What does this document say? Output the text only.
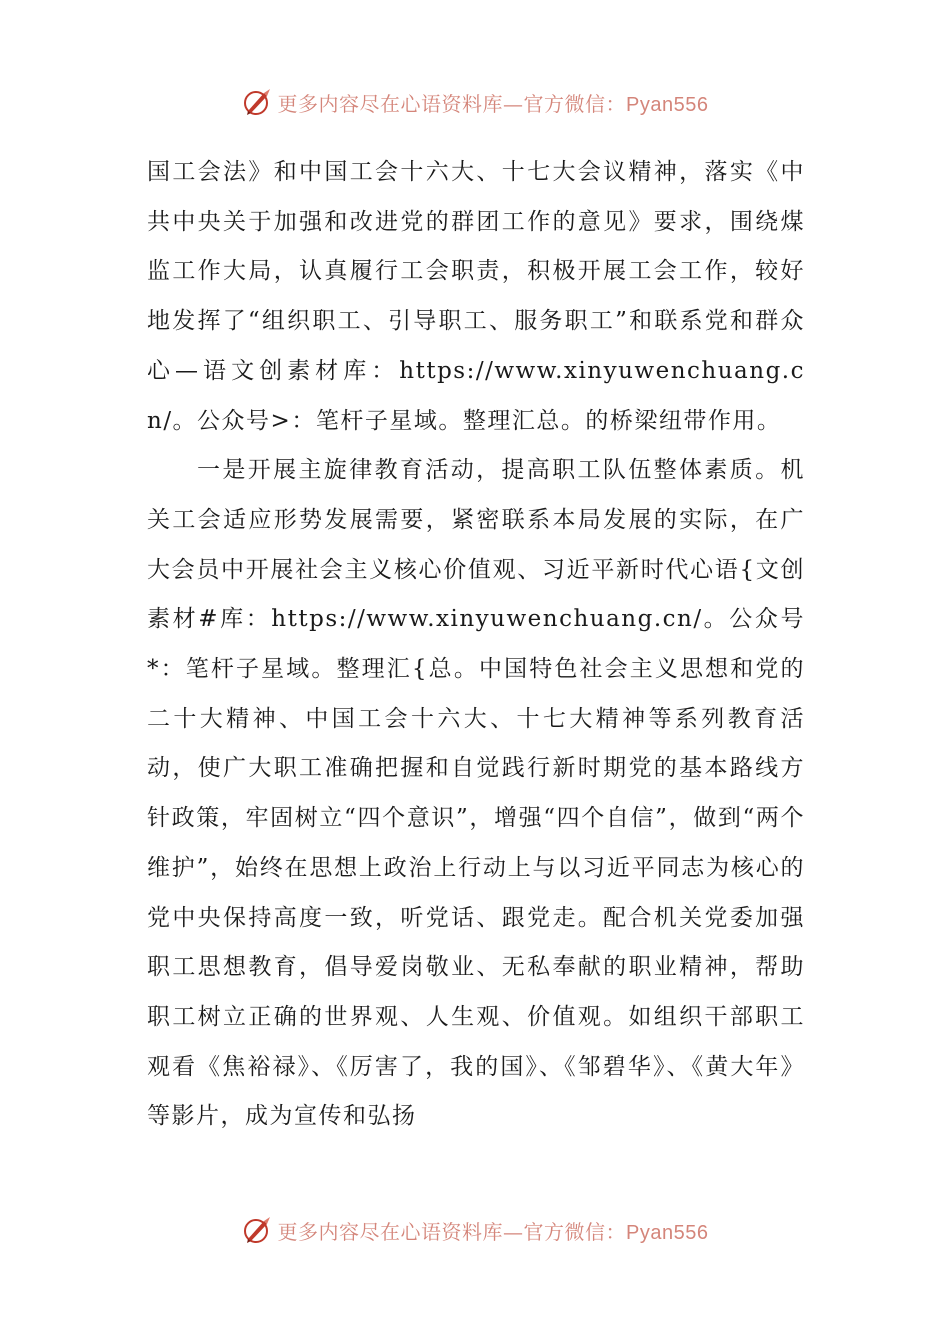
更多内容尽在心语资料库—官方微信：Pyan556

国工会法》和中国工会十六大、十七大会议精神，落实《中共中央关于加强和改进党的群团工作的意见》要求，围绕煤监工作大局，认真履行工会职责，积极开展工会工作，较好地发挥了“组织职工、引导职工、服务职工”和联系党和群众心—语文创素材库：https://www.xinyuwenchuang.cn/。公众号>：笔杆子星域。整理汇总。的桥梁纽带作用。

一是开展主旋律教育活动，提高职工队伍整体素质。机关工会适应形势发展需要，紧密联系本局发展的实际，在广大会员中开展社会主义核心价值观、习近平新时代心语{文创素材#库：https://www.xinyuwenchuang.cn/。公众号*：笔杆子星域。整理汇{总。中国特色社会主义思想和党的二十大精神、中国工会十六大、十七大精神等系列教育活动，使广大职工准确把握和自觉践行新时期党的基本路线方针政策，牢固树立“四个意识”，增强“四个自信”，做到“两个维护”，始终在思想上政治上行动上与以习近平同志为核心的党中央保持高度一致，听党话、跟党走。配合机关党委加强职工思想教育，倡导爱岗敬业、无私奉献的职业精神，帮助职工树立正确的世界观、人生观、价值观。如组织干部职工观看《焦裕禄》、《厉害了，我的国》、《邹碧华》、《黄大年》等影片，成为宣传和弘扬

更多内容尽在心语资料库—官方微信：Pyan556
